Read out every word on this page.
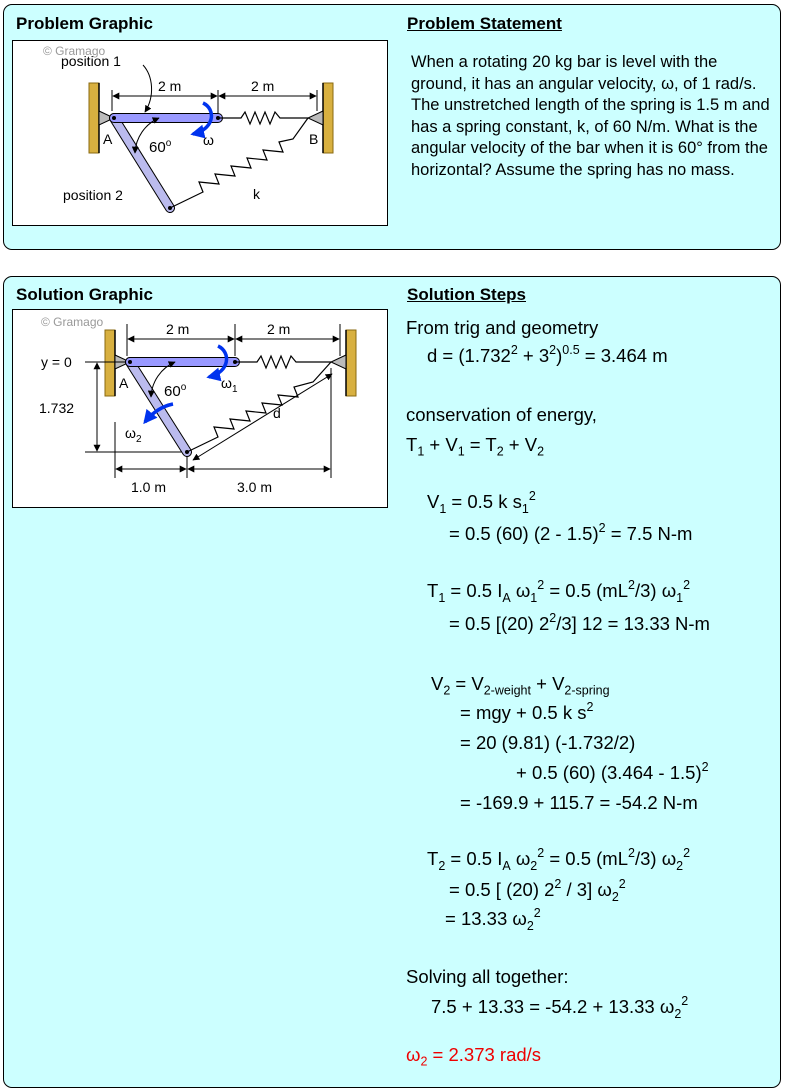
Problem Graphic	Problem Statement
© Gramago
2 m	2 m
60$^o$ ω
A	B
position 1
position 2	k
When a rotating 20 kg bar is level with the ground, it has an angular velocity, ω, of 1 rad/s. The unstretched length of the spring is 1.5 m and has a spring constant, k, of 60 N/m. What is the angular velocity of the bar when it is 60° from the horizontal? Assume the spring has no mass.
Solution Graphic	Solution Steps
© Gramago	2 m	2 m
y = 0
1.732	d
60$^o$ $\omega_1$
$\omega_2$
A
1.0 m	3.0 m
From trig and geometry
$d = (1.732^2 + 3^2)^{0.5} = 3.464$ m
conservation of energy,
$T_1 + V_1 = T_2 + V_2$
$V_1 = 0.5$ k $s_1^2$
= 0.5 (60) (2 - 1.5)$^2$ = 7.5 N-m
$T_1 = 0.5$ $I_A$ $\omega_1^2 = 0.5$ $(mL^2/3)$ $\omega_1^2$
= 0.5 [(20) $2^2/3$] 12 = 13.33 N-m
$V_2 = V_{2-weight} + V_{2-spring}$
= mgy + 0.5 k $s^2$
= 20 (9.81) (-1.732/2)
+ 0.5 (60) (3.464 - 1.5)$^2$
= -169.9 + 115.7 = -54.2 N-m
$T_2 = 0.5$ $I_A$ $\omega_2^2 = 0.5$ $(mL^2/3)$ $\omega_2^2$
= 0.5 [ (20) $2^2 / 3$] $\omega_2^2$
= 13.33 $\omega_2^2$
Solving all together:
7.5 + 13.33 = -54.2 + 13.33 $\omega_2^2$
$\omega_2 = 2.373$ rad/s
